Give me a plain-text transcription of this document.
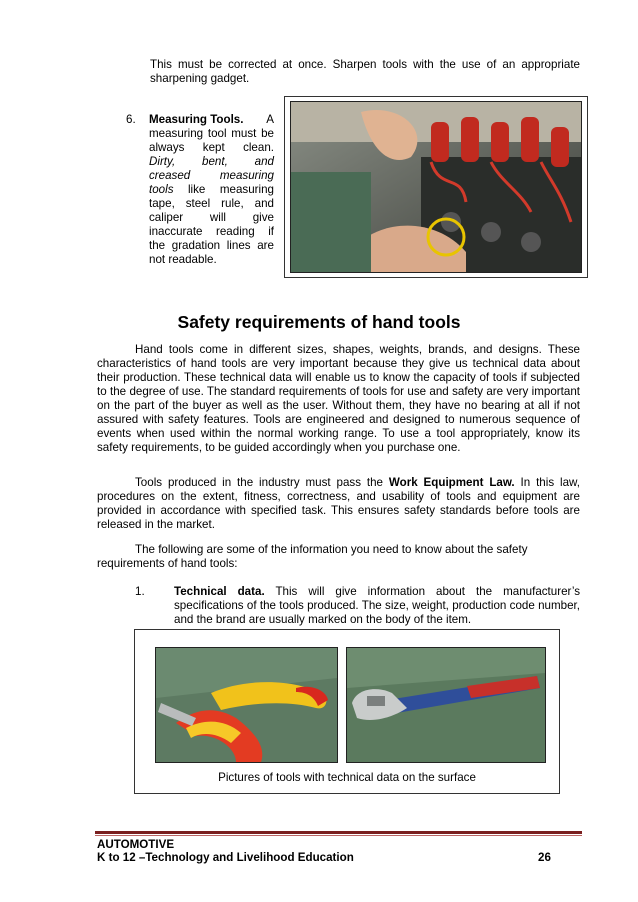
This must be corrected at once. Sharpen tools with the use of an appropriate sharpening gadget.
6. Measuring Tools. A
measuring tool must be
always kept clean.
Dirty, bent, and
creased	measuring
tools like measuring
tape, steel rule, and
caliper will give
inaccurate reading if
the gradation lines are
not readable.
Safety requirements of hand tools
Hand tools come in different sizes, shapes, weights, brands, and designs. These characteristics of hand tools are very important because they give us technical data about their production. These technical data will enable us to know the capacity of tools if subjected to the degree of use. The standard requirements of tools for use and safety are very important on the part of the buyer as well as the user. Without them, they have no bearing at all if not assured with safety features. Tools are engineered and designed to numerous sequence of events when used within the normal working range. To use a tool appropriately, know its safety requirements, to be guided accordingly when you purchase one.
Tools produced in the industry must pass the Work Equipment Law. In this law, procedures on the extent, fitness, correctness, and usability of tools and equipment are provided in accordance with specified task. This ensures safety standards before tools are released in the market.
The following are some of the information you need to know about the safety requirements of hand tools:
1.	Technical data. This will give information about the manufacturer’s specifications of the tools produced. The size, weight, production code number, and the brand are usually marked on the body of the item.
Pictures of tools with technical data on the surface
AUTOMOTIVE
K to 12 –Technology and Livelihood Education	26
